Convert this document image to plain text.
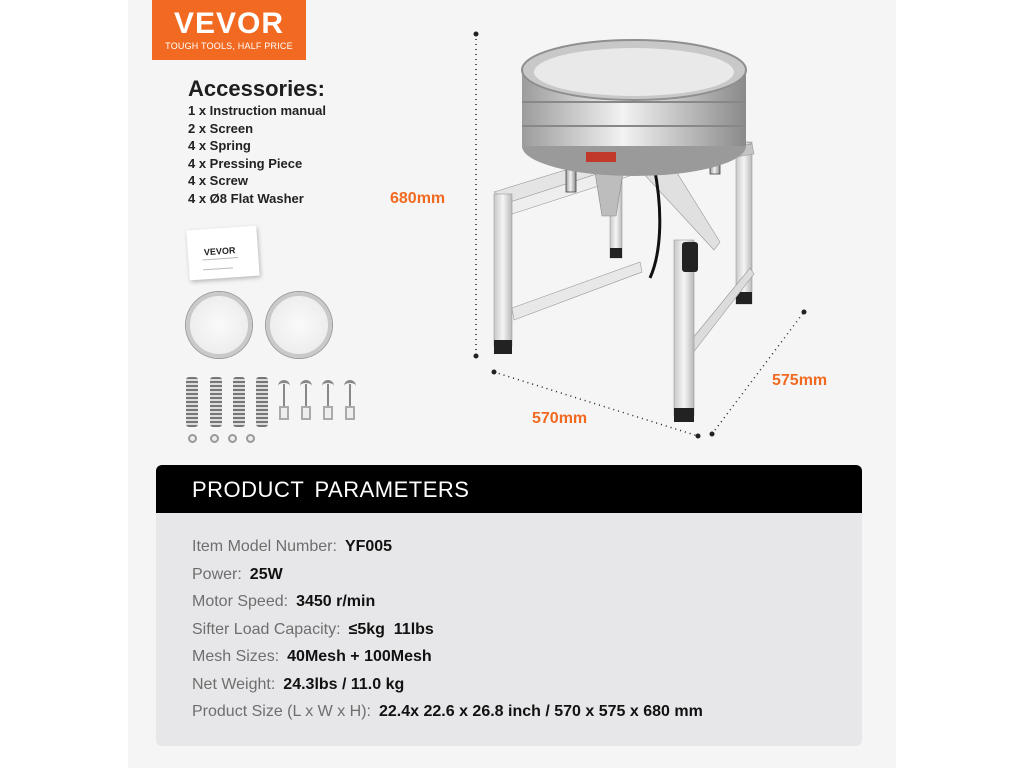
VEVOR
TOUGH TOOLS, HALF PRICE
Accessories:
1 x Instruction manual
2 x Screen
4 x Spring
4 x Pressing Piece
4 x Screw
4 x Ø8 Flat Washer
VEVOR
680mm
570mm
575mm
PRODUCT PARAMETERS
Item Model Number: YF005
Power: 25W
Motor Speed: 3450 r/min
Sifter Load Capacity: ≤5kg  11lbs
Mesh Sizes: 40Mesh + 100Mesh
Net Weight: 24.3lbs / 11.0 kg
Product Size (L x W x H): 22.4x 22.6 x 26.8 inch / 570 x 575 x 680 mm
